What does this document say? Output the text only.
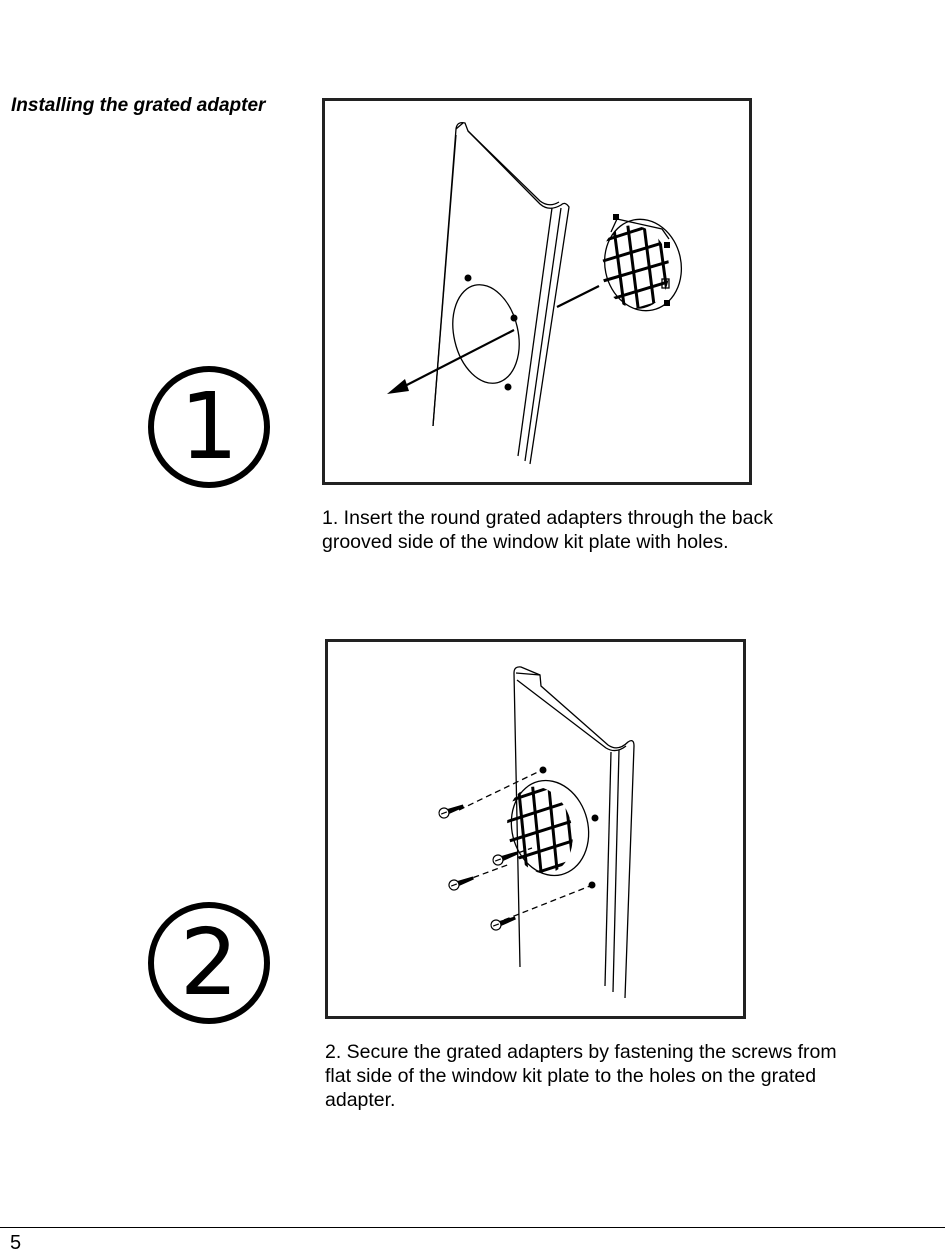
Installing the grated adapter
1

1. Insert the round grated adapters through the back
grooved side of the window kit plate with holes.

2

2. Secure the grated adapters by fastening the screws from
flat side of the window kit plate to the holes on the grated
adapter.

5
